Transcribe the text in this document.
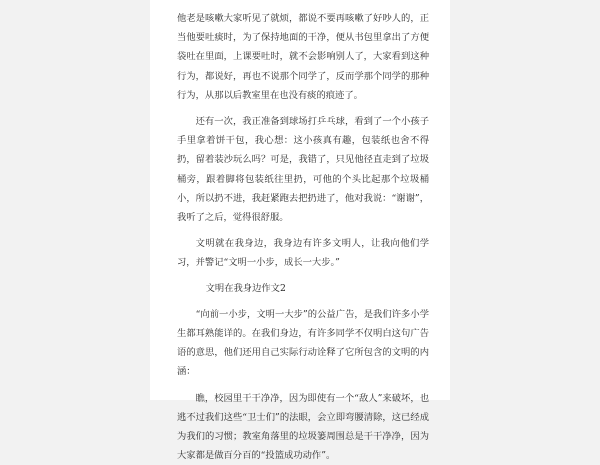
他老是咳嗽大家听见了就烦，都说不要再咳嗽了好吵人的，正当他要吐痰时，为了保持地面的干净，便从书包里拿出了方便袋吐在里面，上课要吐时，就不会影响别人了，大家看到这种行为，都说好，再也不说那个同学了，反而学那个同学的那种行为，从那以后教室里在也没有痰的痕迹了。

还有一次，我正准备到球场打乒乓球，看到了一个小孩子手里拿着饼干包，我心想：这小孩真有趣，包装纸也舍不得扔，留着装沙玩么吗？可是，我错了，只见他径直走到了垃圾桶旁，跟着脚将包装纸往里扔，可他的个头比起那个垃圾桶小，所以扔不进，我赶紧跑去把扔进了，他对我说：“谢谢”，我听了之后，觉得很舒服。

文明就在我身边，我身边有许多文明人，让我向他们学习，并警记“文明一小步，成长一大步。”

文明在我身边作文2

“向前一小步，文明一大步”的公益广告，是我们许多小学生都耳熟能详的。在我们身边，有许多同学不仅明白这句广告语的意思，他们还用自己实际行动诠释了它所包含的文明的内涵：

瞧，校园里干干净净，因为即使有一个“敌人”来破坏，也逃不过我们这些“卫士们”的法眼，会立即弯腰清除，这已经成为我们的习惯；教室角落里的垃圾篓周围总是干干净净，因为大家都是做百分百的“投篮成功动作”。
